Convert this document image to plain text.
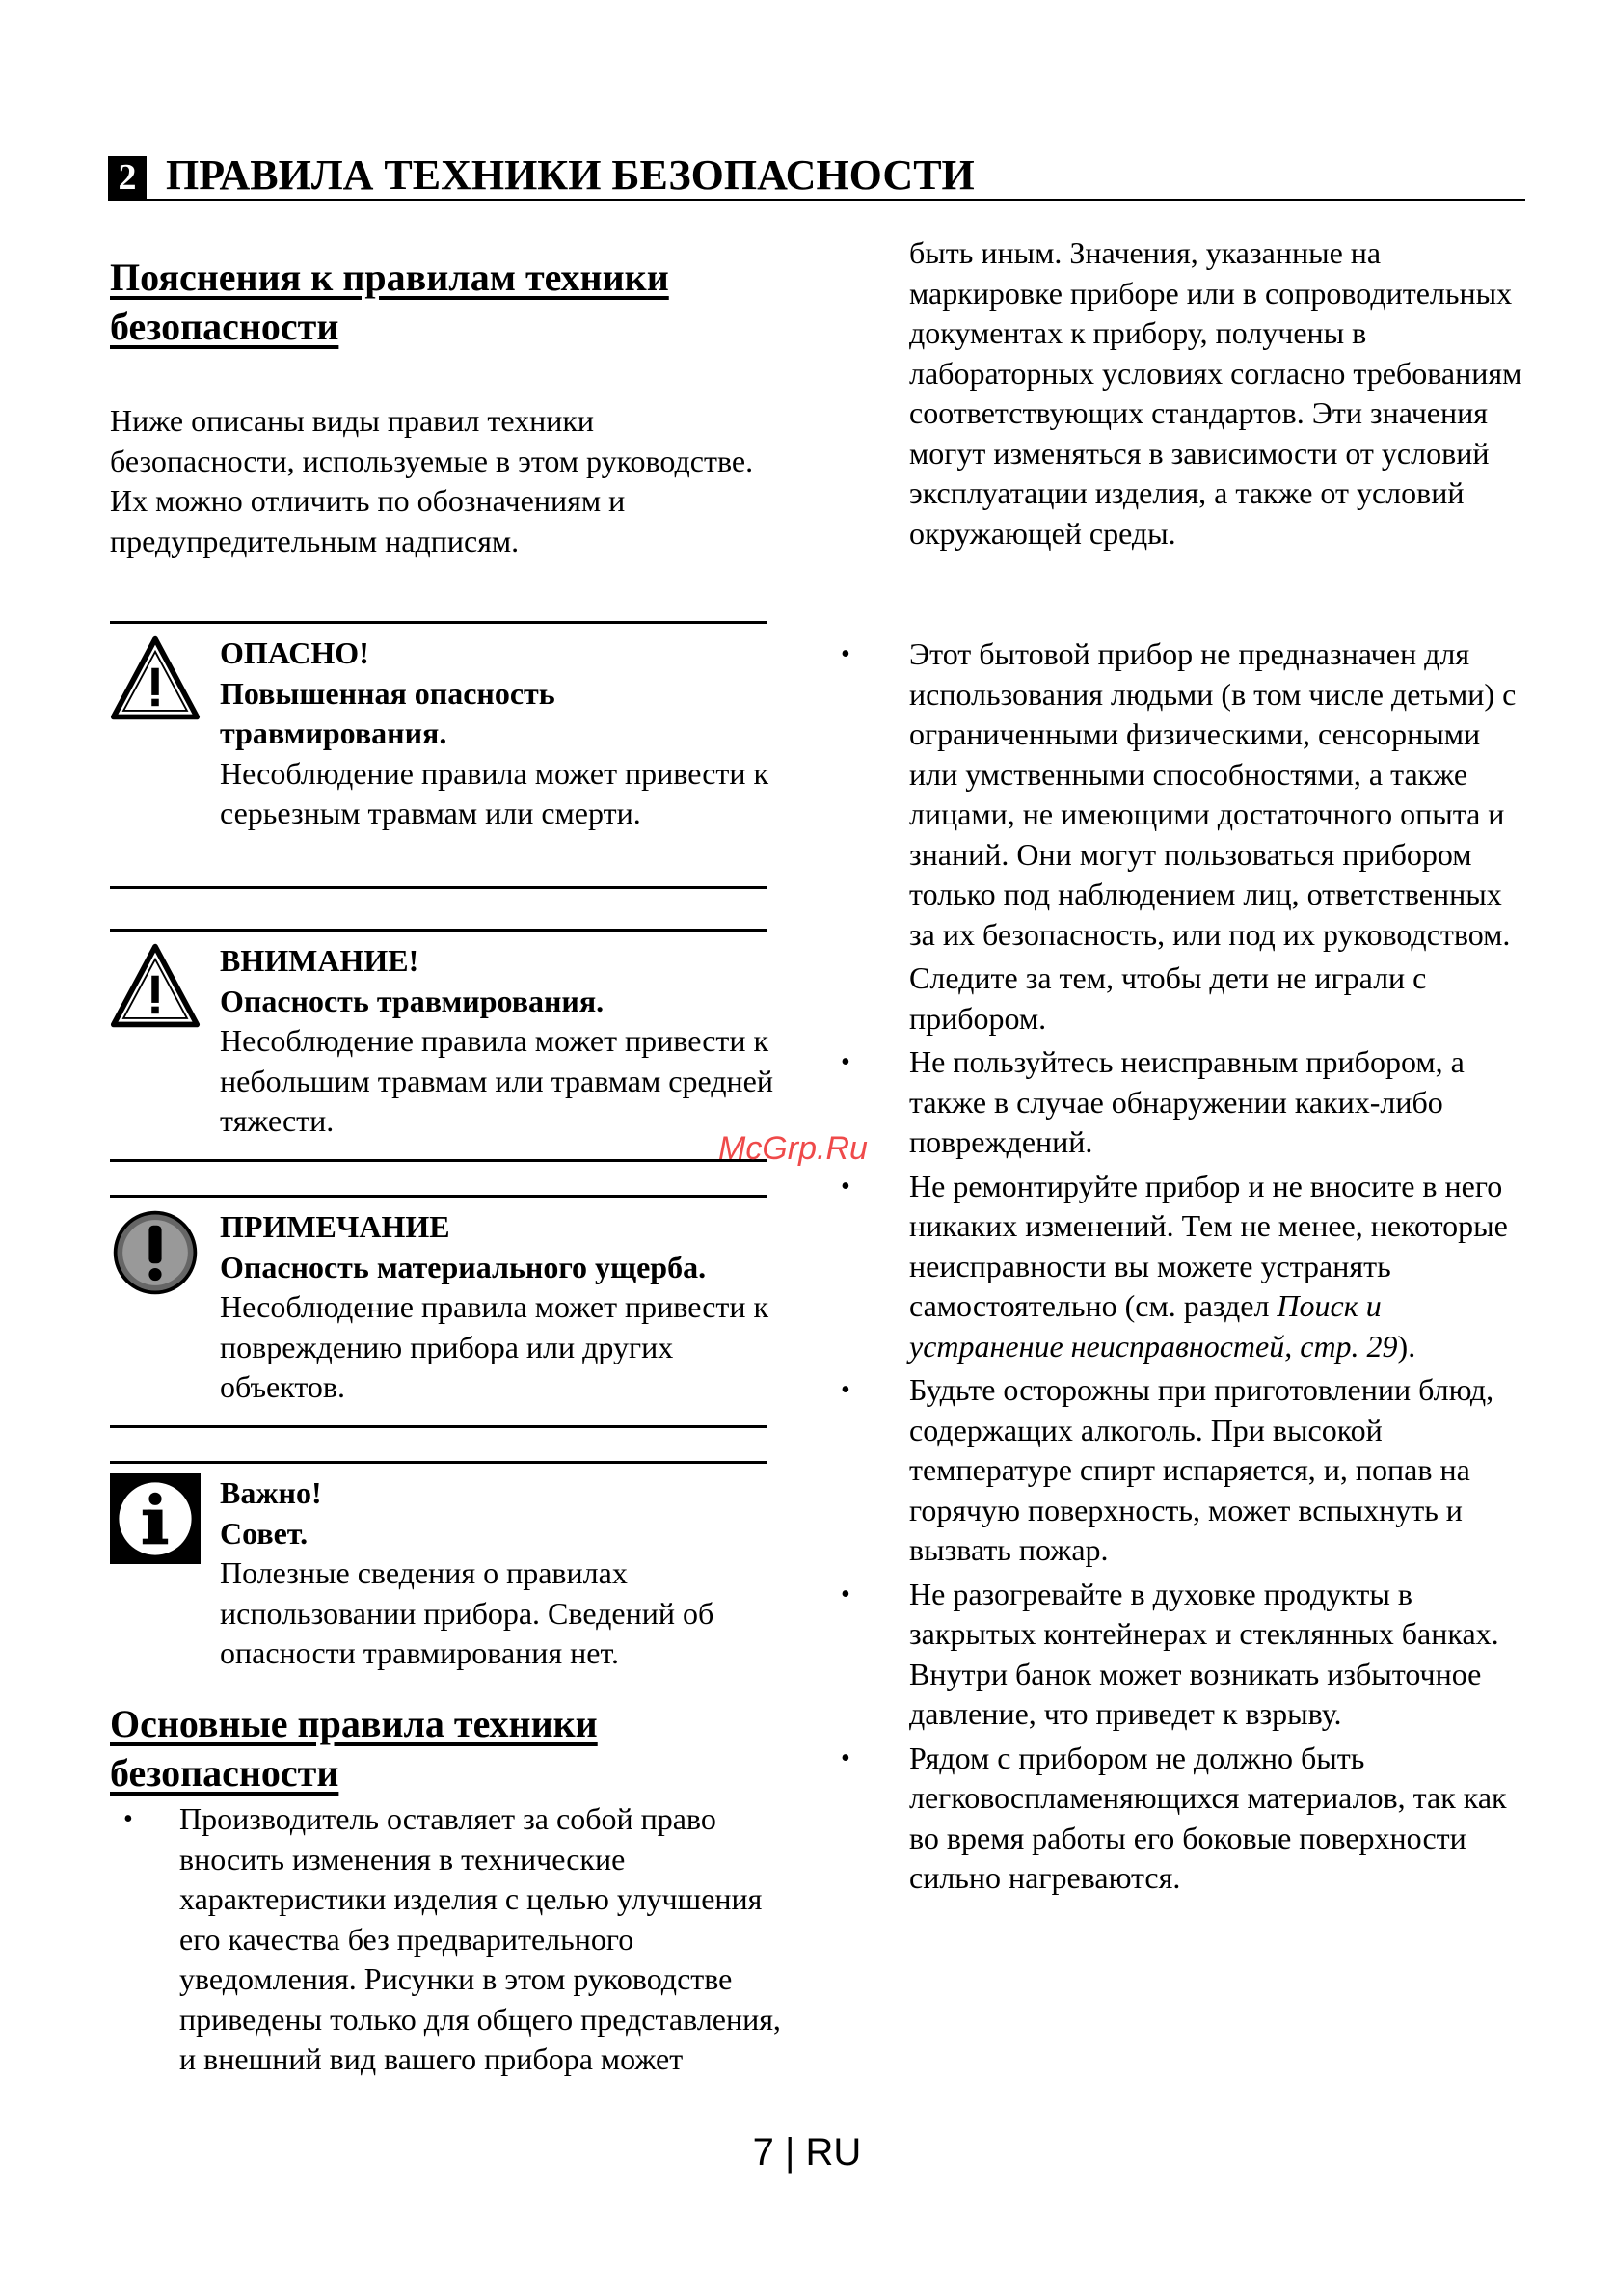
2 ПРАВИЛА ТЕХНИКИ БЕЗОПАСНОСТИ
Пояснения к правилам техники безопасности
Ниже описаны виды правил техники безопасности, используемые в этом руководстве. Их можно отличить по обозначениям и предупредительным надписям.
ОПАСНО!
Повышенная опасность травмирования.
Несоблюдение правила может привести к серьезным травмам или смерти.
ВНИМАНИЕ!
Опасность травмирования.
Несоблюдение правила может привести к небольшим травмам или травмам средней тяжести.
ПРИМЕЧАНИЕ
Опасность материального ущерба.
Несоблюдение правила может привести к повреждению прибора или других объектов.
Важно!
Совет.
Полезные сведения о правилах использовании прибора. Сведений об опасности травмирования нет.
Основные правила техники безопасности
• Производитель оставляет за собой право вносить изменения в технические характеристики изделия с целью улучшения его качества без предварительного уведомления. Рисунки в этом руководстве приведены только для общего представления, и внешний вид вашего прибора может
быть иным. Значения, указанные на маркировке приборе или в сопроводительных документах к прибору, получены в лабораторных условиях согласно требованиям соответствующих стандартов. Эти значения могут изменяться в зависимости от условий эксплуатации изделия, а также от условий окружающей среды.
• Этот бытовой прибор не предназначен для использования людьми (в том числе детьми) с ограниченными физическими, сенсорными или умственными способностями, а также лицами, не имеющими достаточного опыта и знаний. Они могут пользоваться прибором только под наблюдением лиц, ответственных за их безопасность, или под их руководством.
Следите за тем, чтобы дети не играли с прибором.
• Не пользуйтесь неисправным прибором, а также в случае обнаружении каких-либо повреждений.
• Не ремонтируйте прибор и не вносите в него никаких изменений. Тем не менее, некоторые неисправности вы можете устранять самостоятельно (см. раздел Поиск и устранение неисправностей, стр. 29).
• Будьте осторожны при приготовлении блюд, содержащих алкоголь. При высокой температуре спирт испаряется, и, попав на горячую поверхность, может вспыхнуть и вызвать пожар.
• Не разогревайте в духовке продукты в закрытых контейнерах и стеклянных банках. Внутри банок может возникать избыточное давление, что приведет к взрыву.
• Рядом с прибором не должно быть легковоспламеняющихся материалов, так как во время работы его боковые поверхности сильно нагреваются.
McGrp.Ru
7 | RU
